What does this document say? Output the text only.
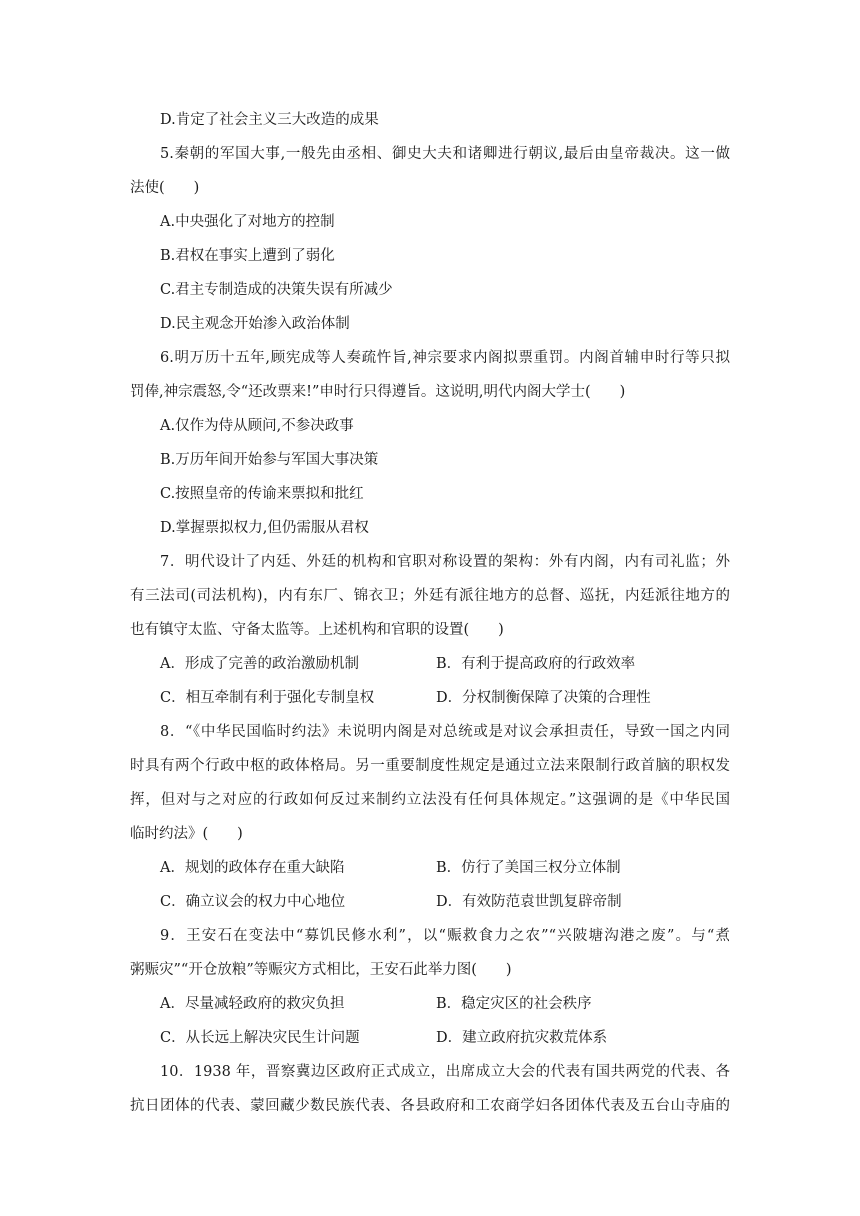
D.肯定了社会主义三大改造的成果
5.秦朝的军国大事,一般先由丞相、御史大夫和诸卿进行朝议,最后由皇帝裁决。这一做
法使(　　)
A.中央强化了对地方的控制
B.君权在事实上遭到了弱化
C.君主专制造成的决策失误有所减少
D.民主观念开始渗入政治体制
6.明万历十五年,顾宪成等人奏疏忤旨,神宗要求内阁拟票重罚。内阁首辅申时行等只拟
罚俸,神宗震怒,令“还改票来!”申时行只得遵旨。这说明,明代内阁大学士(　　)
A.仅作为侍从顾问,不参决政事
B.万历年间开始参与军国大事决策
C.按照皇帝的传谕来票拟和批红
D.掌握票拟权力,但仍需服从君权
7．明代设计了内廷、外廷的机构和官职对称设置的架构：外有内阁，内有司礼监；外
有三法司(司法机构)，内有东厂、锦衣卫；外廷有派往地方的总督、巡抚，内廷派往地方的
也有镇守太监、守备太监等。上述机构和官职的设置(　　)
A．形成了完善的政治激励机制	B．有利于提高政府的行政效率
C．相互牵制有利于强化专制皇权	D．分权制衡保障了决策的合理性
8．“《中华民国临时约法》未说明内阁是对总统或是对议会承担责任，导致一国之内同
时具有两个行政中枢的政体格局。另一重要制度性规定是通过立法来限制行政首脑的职权发
挥，但对与之对应的行政如何反过来制约立法没有任何具体规定。”这强调的是《中华民国
临时约法》(　　)
A．规划的政体存在重大缺陷	B．仿行了美国三权分立体制
C．确立议会的权力中心地位	D．有效防范袁世凯复辟帝制
9．王安石在变法中“募饥民修水利”，以“赈救食力之农”“兴陂塘沟港之废”。与“煮
粥赈灾”“开仓放粮”等赈灾方式相比，王安石此举力图(　　)
A．尽量减轻政府的救灾负担	B．稳定灾区的社会秩序
C．从长远上解决灾民生计问题	D．建立政府抗灾救荒体系
10．1938 年，晋察冀边区政府正式成立，出席成立大会的代表有国共两党的代表、各
抗日团体的代表、蒙回藏少数民族代表、各县政府和工农商学妇各团体代表及五台山寺庙的
